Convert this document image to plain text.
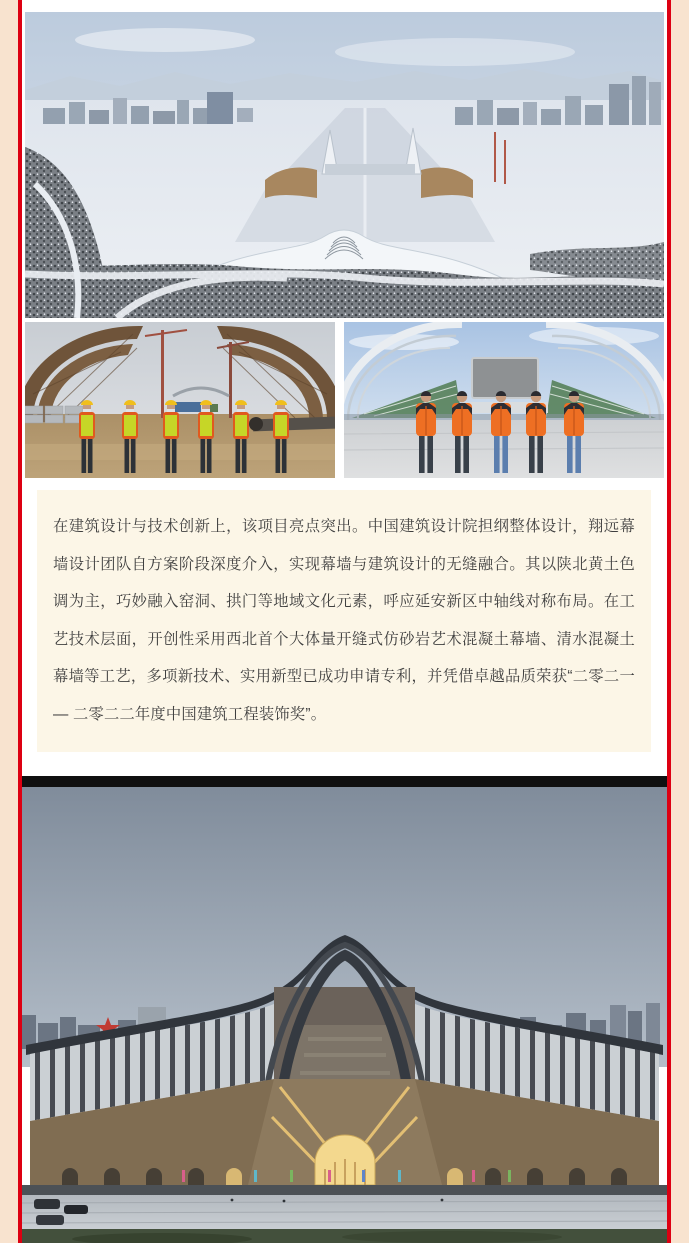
在建筑设计与技术创新上，该项目亮点突出。中国建筑设计院担纲整体设计，翔远幕墙设计团队自方案阶段深度介入，实现幕墙与建筑设计的无缝融合。其以陕北黄土色调为主，巧妙融入窑洞、拱门等地域文化元素，呼应延安新区中轴线对称布局。在工艺技术层面，开创性采用西北首个大体量开缝式仿砂岩艺术混凝土幕墙、清水混凝土幕墙等工艺，多项新技术、实用新型已成功申请专利，并凭借卓越品质荣获“二零二一 — 二零二二年度中国建筑工程装饰奖”。
